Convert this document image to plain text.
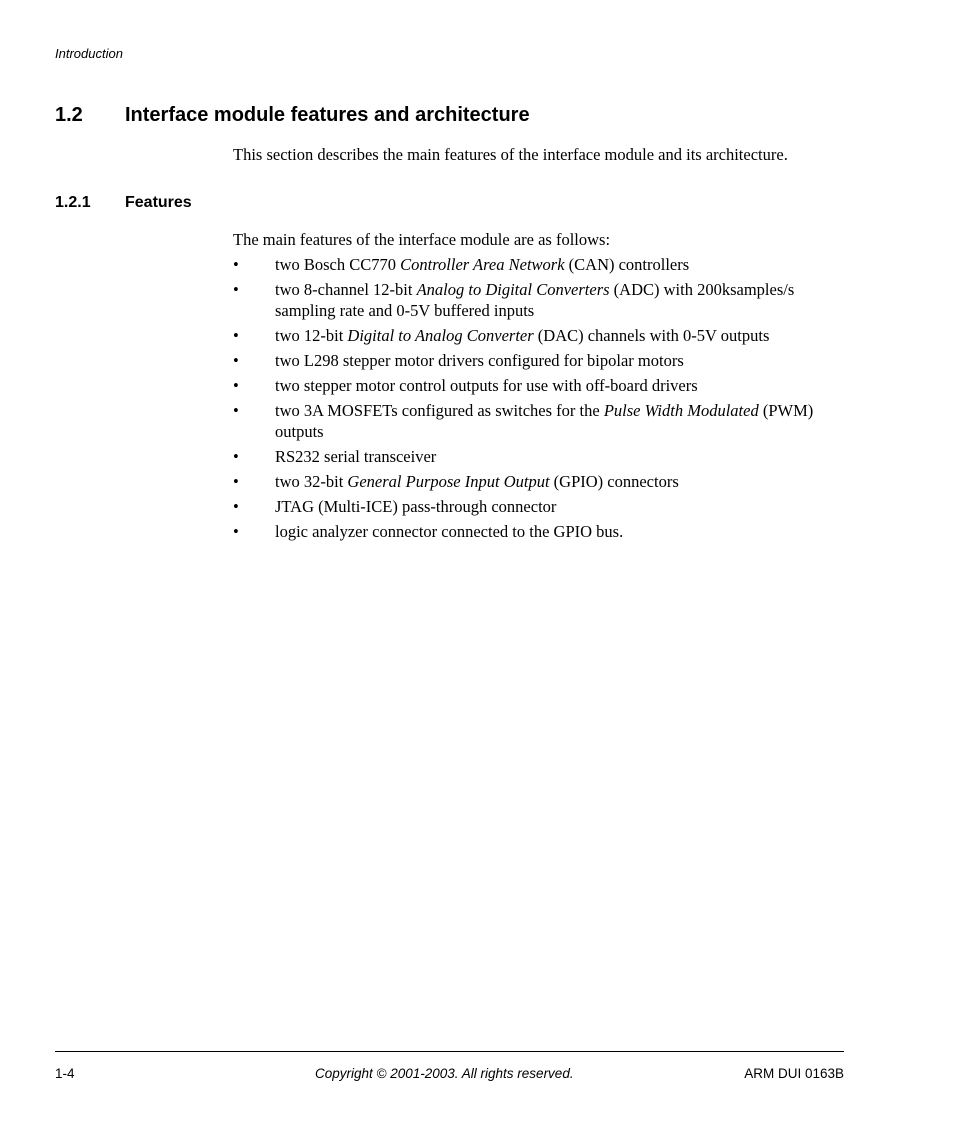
Introduction
1.2 Interface module features and architecture
This section describes the main features of the interface module and its architecture.
1.2.1 Features
The main features of the interface module are as follows:
• two Bosch CC770 Controller Area Network (CAN) controllers
• two 8-channel 12-bit Analog to Digital Converters (ADC) with 200ksamples/s sampling rate and 0-5V buffered inputs
• two 12-bit Digital to Analog Converter (DAC) channels with 0-5V outputs
• two L298 stepper motor drivers configured for bipolar motors
• two stepper motor control outputs for use with off-board drivers
• two 3A MOSFETs configured as switches for the Pulse Width Modulated (PWM) outputs
• RS232 serial transceiver
• two 32-bit General Purpose Input Output (GPIO) connectors
• JTAG (Multi-ICE) pass-through connector
• logic analyzer connector connected to the GPIO bus.
1-4	Copyright © 2001-2003. All rights reserved.	ARM DUI 0163B
